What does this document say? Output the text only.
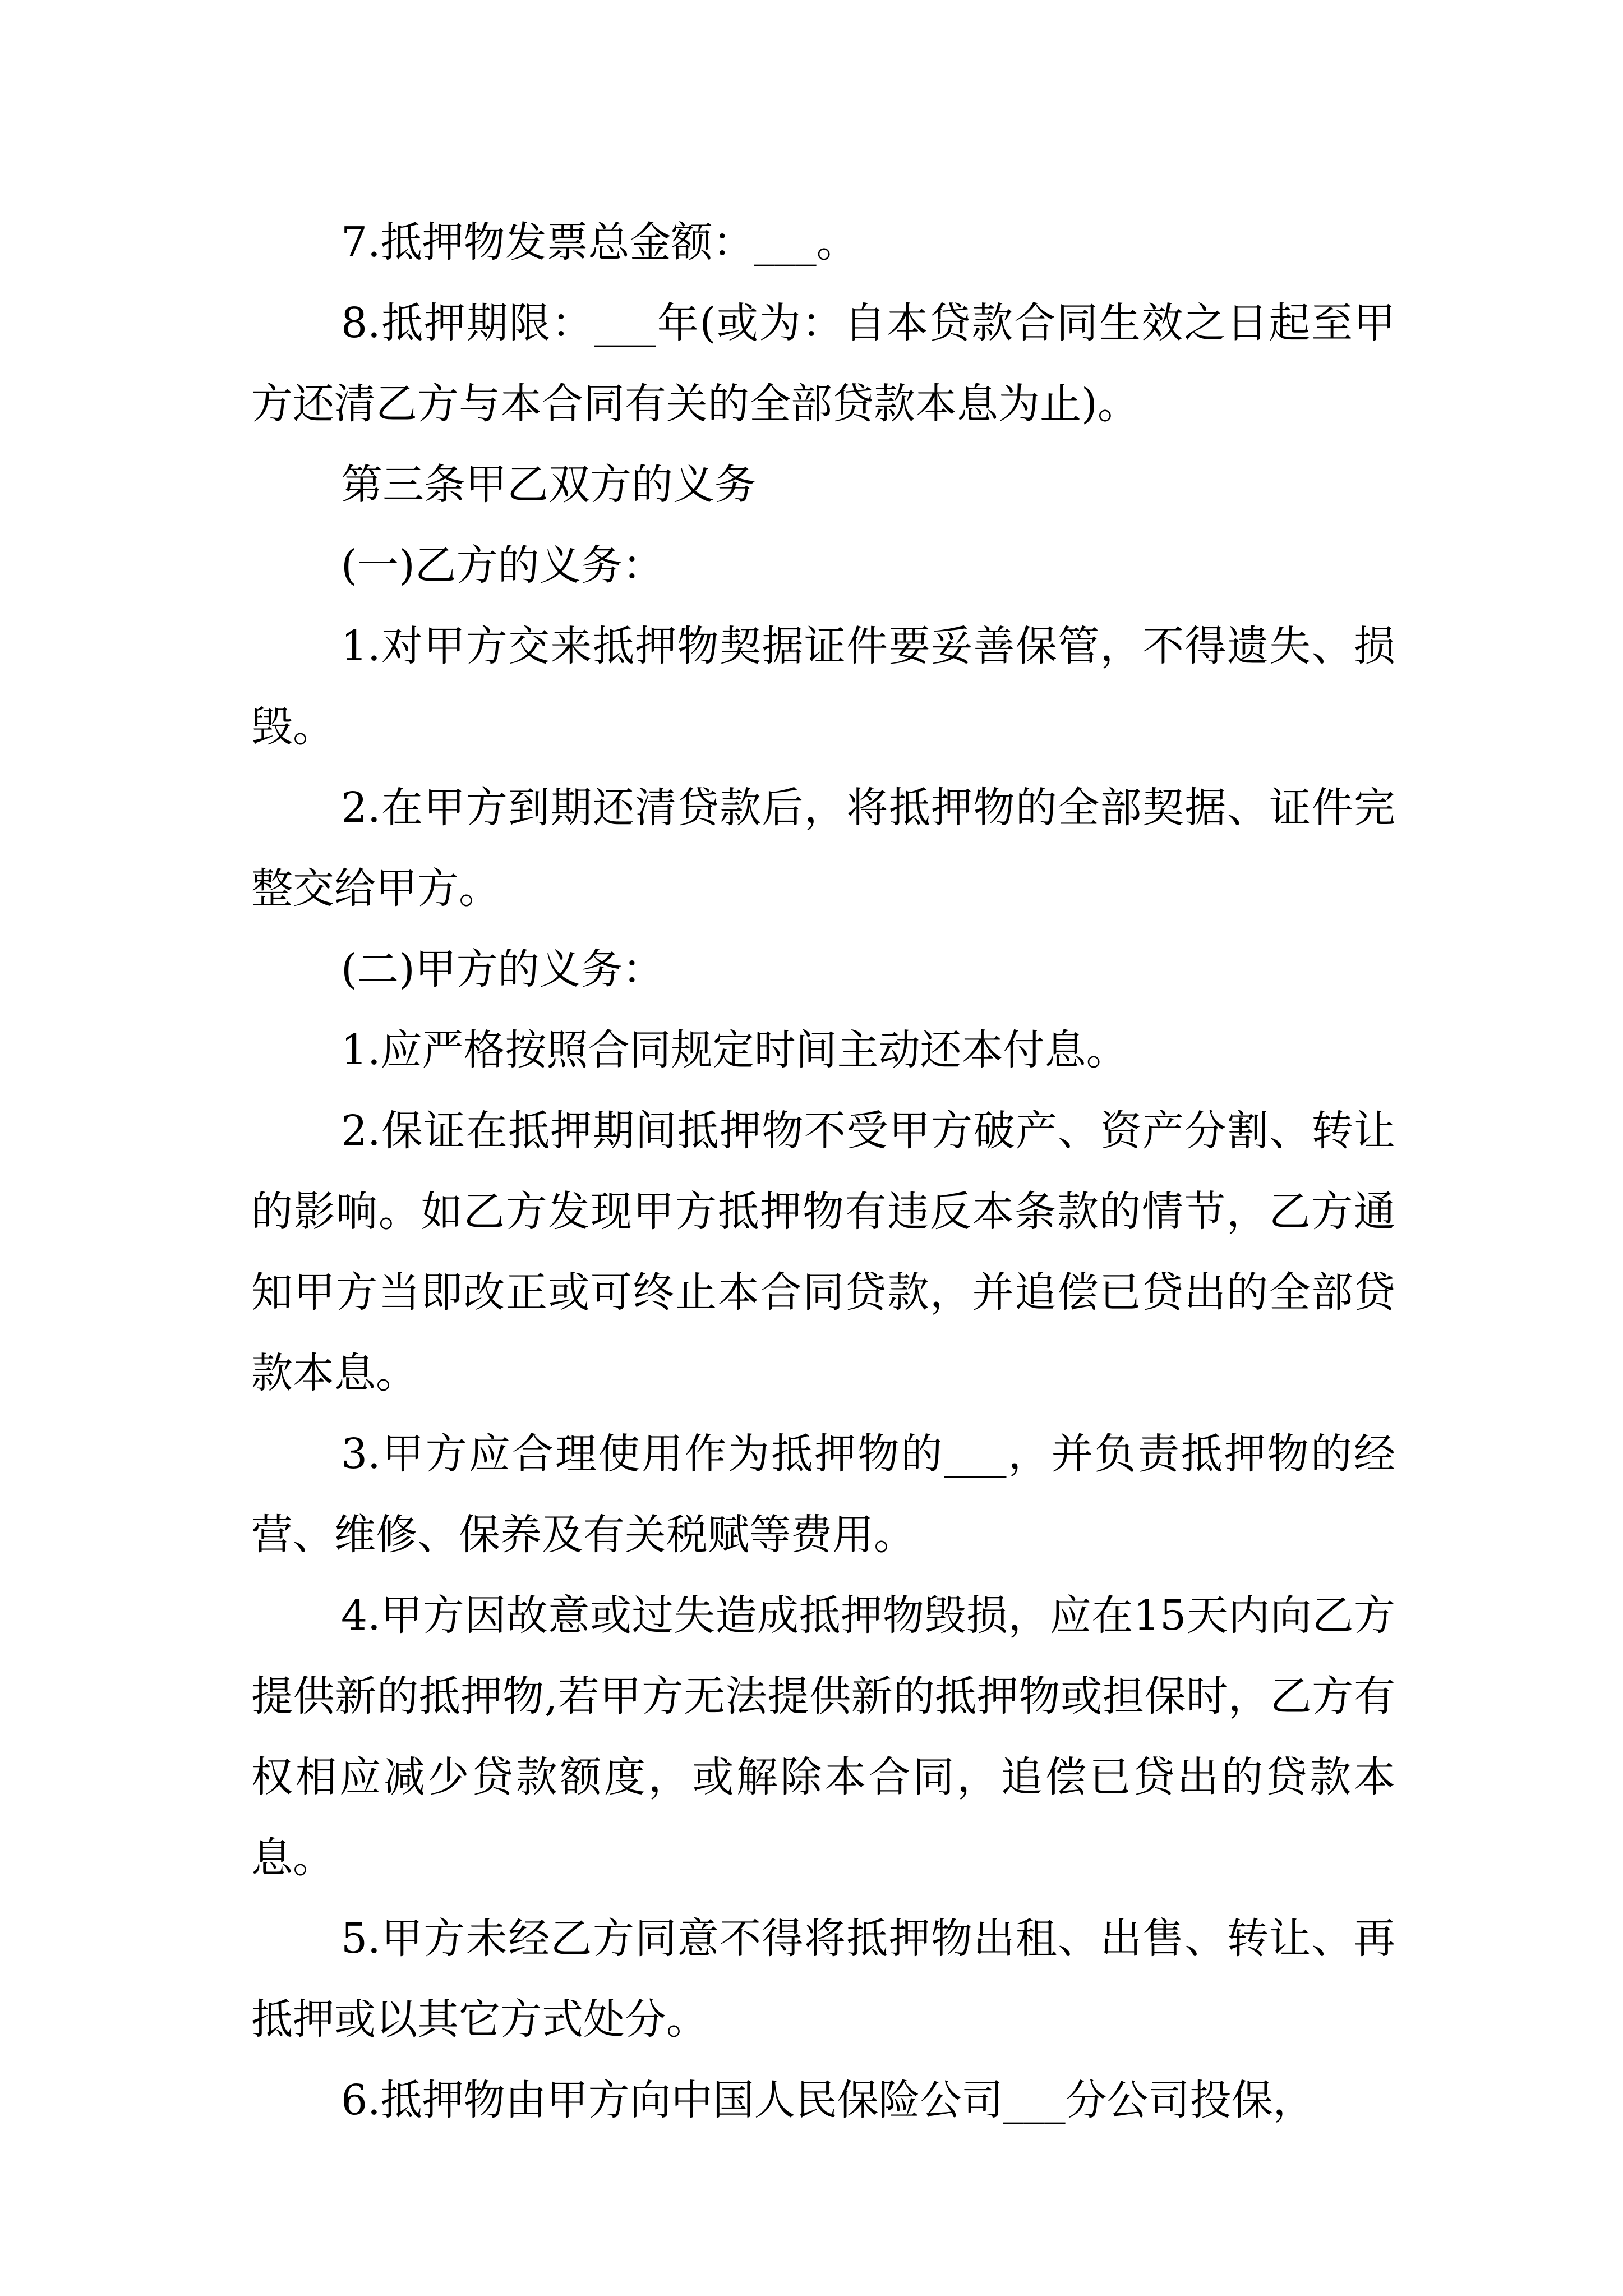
7.抵押物发票总金额：___。

8.抵押期限：___年(或为：自本贷款合同生效之日起至甲方还清乙方与本合同有关的全部贷款本息为止)。

第三条甲乙双方的义务

(一)乙方的义务：

1.对甲方交来抵押物契据证件要妥善保管，不得遗失、损毁。

2.在甲方到期还清贷款后，将抵押物的全部契据、证件完整交给甲方。

(二)甲方的义务：

1.应严格按照合同规定时间主动还本付息。

2.保证在抵押期间抵押物不受甲方破产、资产分割、转让的影响。如乙方发现甲方抵押物有违反本条款的情节，乙方通知甲方当即改正或可终止本合同贷款，并追偿已贷出的全部贷款本息。

3.甲方应合理使用作为抵押物的___，并负责抵押物的经营、维修、保养及有关税赋等费用。

4.甲方因故意或过失造成抵押物毁损，应在15天内向乙方提供新的抵押物,若甲方无法提供新的抵押物或担保时，乙方有权相应减少贷款额度，或解除本合同，追偿已贷出的贷款本息。

5.甲方未经乙方同意不得将抵押物出租、出售、转让、再抵押或以其它方式处分。

6.抵押物由甲方向中国人民保险公司___分公司投保，
